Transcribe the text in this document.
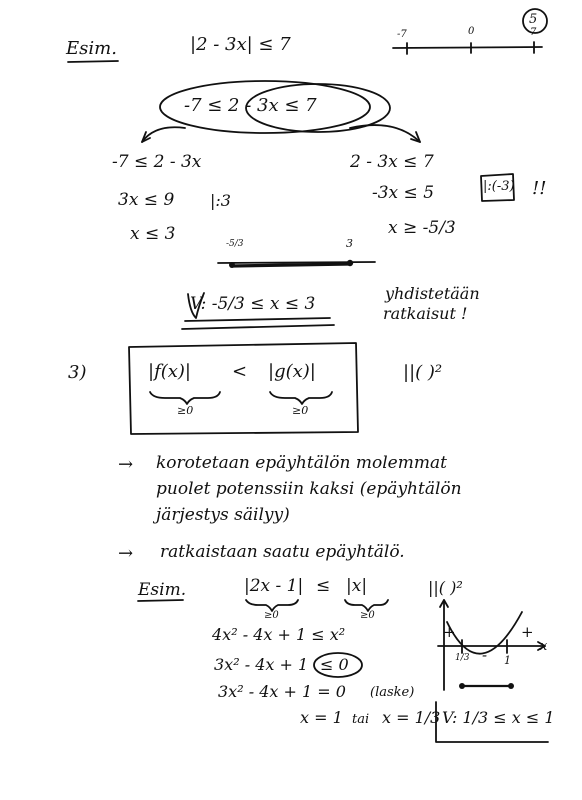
5
Esim.	|2 - 3x| ≤ 7	-7	0	7
-7 ≤ 2 - 3x ≤ 7
-7 ≤ 2 - 3x
3x ≤ 9 |:3
x ≤ 3
2 - 3x ≤ 7
-3x ≤ 5
x ≥ -5/3
|:(-3) !!
-5/3	3
V: -5/3 ≤ x ≤ 3
yhdistetään
ratkaisut !
3)	|f(x)| < |g(x)|
≥0	≥0
||( )²
→ korotetaan epäyhtälön molemmat
puolet potenssiin kaksi (epäyhtälön
järjestys säilyy)
→ ratkaistaan saatu epäyhtälö.
Esim.	|2x - 1| ≤ |x|
≥0	≥0
||( )²
4x² - 4x + 1 ≤ x²
3x² - 4x + 1 ≤ 0
3x² - 4x + 1 = 0 (laske)
x = 1 tai x = 1/3
+	+
-
1/3	1
x
V: 1/3 ≤ x ≤ 1
